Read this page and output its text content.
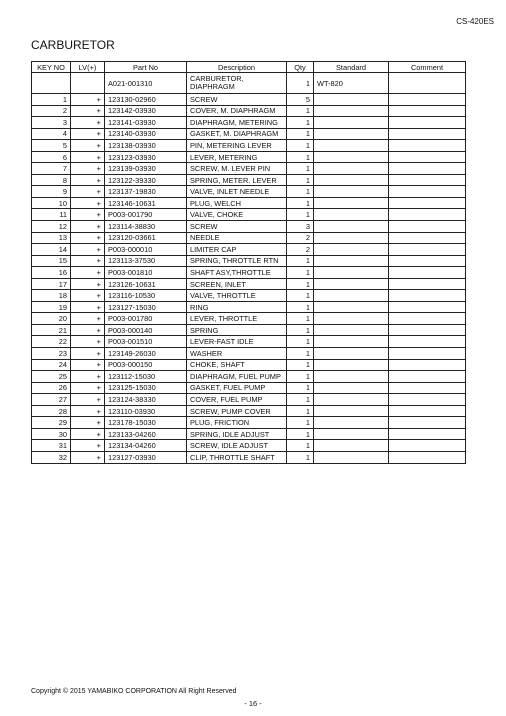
CS-420ES
CARBURETOR
KEY NO	LV(+)	Part No	Description	Qty	Standard	Comment
		A021-001310	CARBURETOR, DIAPHRAGM	1	WT-820	
1	+	123130-02960	SCREW	5		
2	+	123142-03930	COVER, M. DIAPHRAGM	1		
3	+	123141-03930	DIAPHRAGM, METERING	1		
4	+	123140-03930	GASKET, M. DIAPHRAGM	1		
5	+	123138-03930	PIN, METERING LEVER	1		
6	+	123123-03930	LEVER, METERING	1		
7	+	123139-03930	SCREW, M. LEVER PIN	1		
8	+	123122-39330	SPRING, METER. LEVER	1		
9	+	123137-19830	VALVE, INLET NEEDLE	1		
10	+	123146-10631	PLUG, WELCH	1		
11	+	P003-001790	VALVE, CHOKE	1		
12	+	123114-38830	SCREW	3		
13	+	123120-03661	NEEDLE	2		
14	+	P003-000010	LIMITER CAP	2		
15	+	123113-37530	SPRING, THROTTLE RTN	1		
16	+	P003-001810	SHAFT ASY,THROTTLE	1		
17	+	123126-10631	SCREEN, INLET	1		
18	+	123116-10530	VALVE, THROTTLE	1		
19	+	123127-15030	RING	1		
20	+	P003-001780	LEVER, THROTTLE	1		
21	+	P003-000140	SPRING	1		
22	+	P003-001510	LEVER-FAST IDLE	1		
23	+	123149-26030	WASHER	1		
24	+	P003-000150	CHOKE, SHAFT	1		
25	+	123112-15030	DIAPHRAGM, FUEL PUMP	1		
26	+	123125-15030	GASKET, FUEL PUMP	1		
27	+	123124-38330	COVER, FUEL PUMP	1		
28	+	123110-03930	SCREW, PUMP COVER	1		
29	+	123178-15030	PLUG, FRICTION	1		
30	+	123133-04260	SPRING, IDLE ADJUST	1		
31	+	123134-04260	SCREW, IDLE ADJUST	1		
32	+	123127-03930	CLIP, THROTTLE SHAFT	1		
Copyright © 2015 YAMABIKO CORPORATION All Right Reserved
- 16 -
